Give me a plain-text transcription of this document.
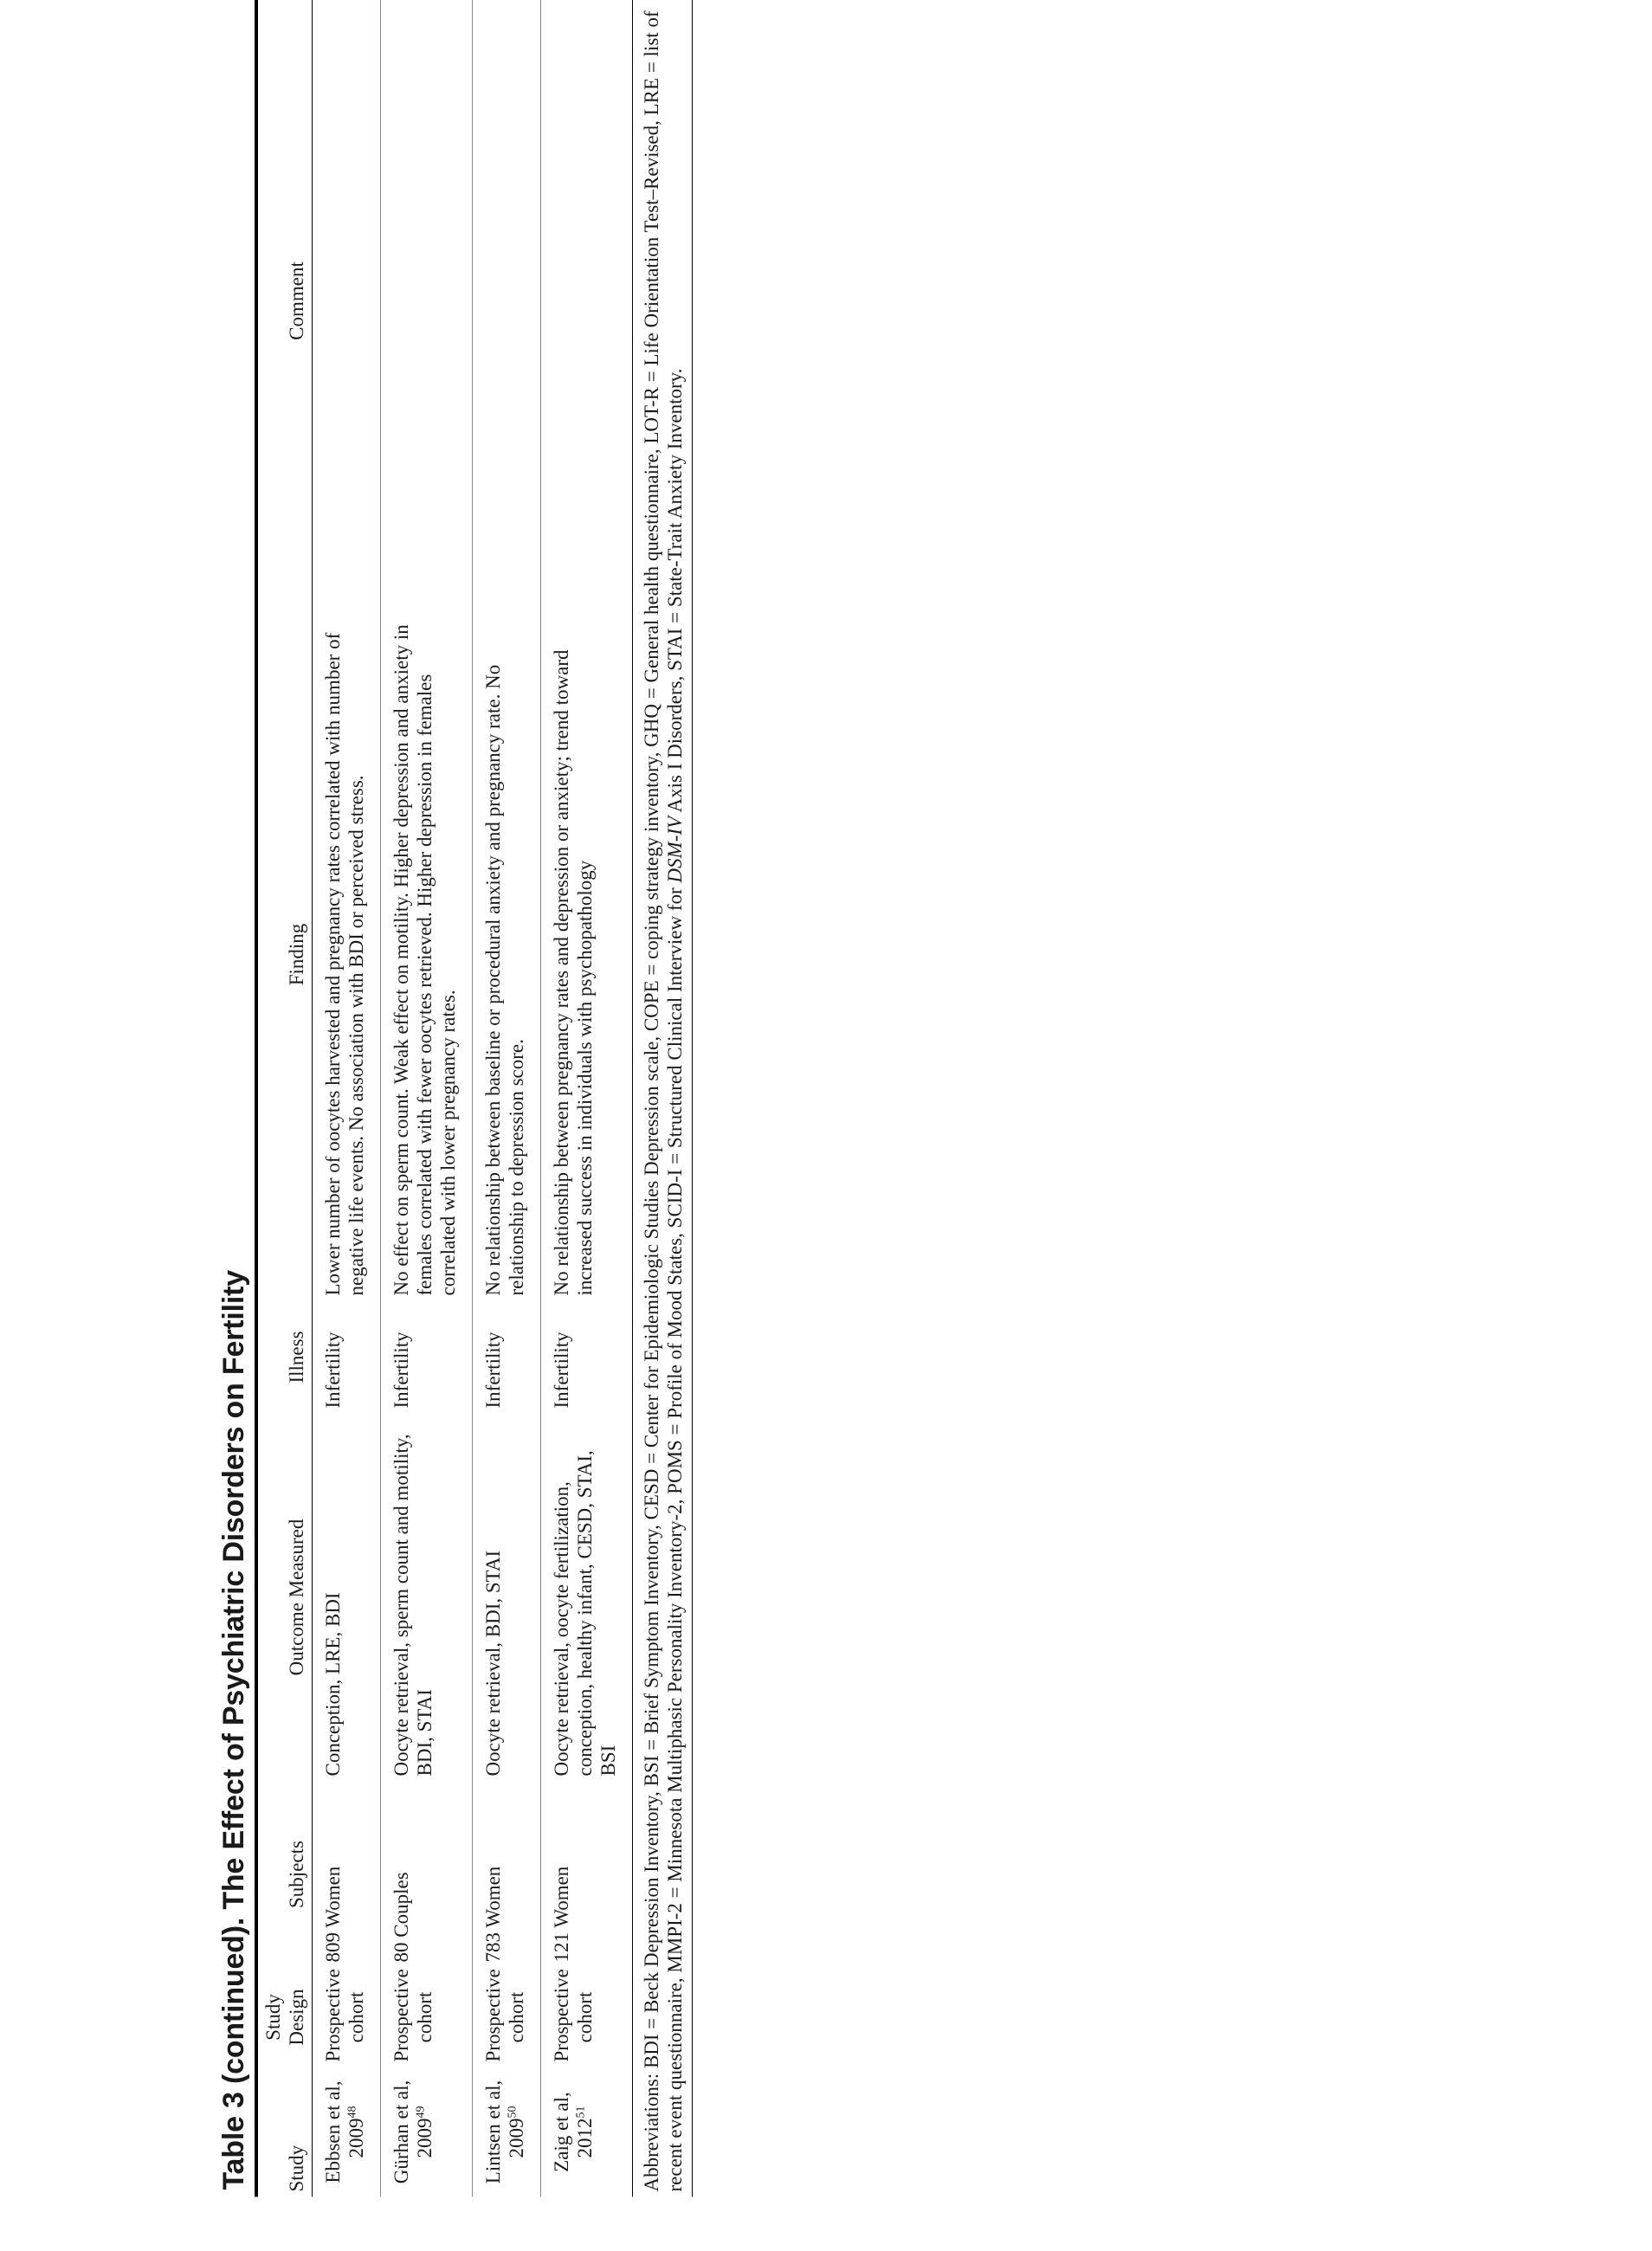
Table 3 (continued). The Effect of Psychiatric Disorders on Fertility	Study	Study Design	Subjects	Outcome Measured	Illness	Finding	Comment
Ebbsen et al, 2009$^{48}$	Prospective cohort	809 Women	Conception, LRE, BDI	Infertility	Lower number of oocytes harvested and pregnancy rates correlated with number of negative life events. No association with BDI or perceived stress.	
Gürhan et al, 2009$^{49}$	Prospective cohort	80 Couples	Oocyte retrieval, sperm count and motility, BDI, STAI	Infertility	No effect on sperm count. Weak effect on motility. Higher depression and anxiety in females correlated with fewer oocytes retrieved. Higher depression in females correlated with lower pregnancy rates.	
Lintsen et al, 2009$^{50}$	Prospective cohort	783 Women	Oocyte retrieval, BDI, STAI	Infertility	No relationship between baseline or procedural anxiety and pregnancy rate. No relationship to depression score.	
Zaig et al, 2012$^{51}$	Prospective cohort	121 Women	Oocyte retrieval, oocyte fertilization, conception, healthy infant, CESD, STAI, BSI	Infertility	No relationship between pregnancy rates and depression or anxiety; trend toward increased success in individuals with psychopathology		Abbreviations: BDI = Beck Depression Inventory, BSI = Brief Symptom Inventory, CESD = Center for Epidemiologic Studies Depression scale, COPE = coping strategy inventory, GHQ = General health questionnaire, LOT-R = Life Orientation Test–Revised, LRE = list of recent event questionnaire, MMPI-2 = Minnesota Multiphasic Personality Inventory-2, POMS = Profile of Mood States, SCID-I = Structured Clinical Interview for DSM-IV Axis I Disorders, STAI = State-Trait Anxiety Inventory.
